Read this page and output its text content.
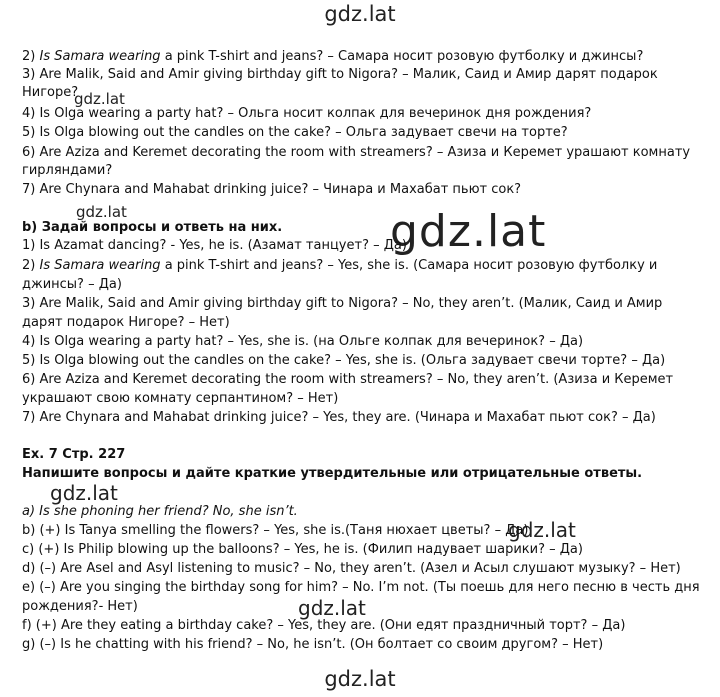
gdz.lat
gdz.lat
gdz.lat
gdz.lat
gdz.lat
gdz.lat
gdz.lat
gdz.lat
2) Is Samara wearing a pink T-shirt and jeans? – Самара носит розовую футболку и джинсы?
3) Are Malik, Said and Amir giving birthday gift to Nigora? – Малик, Саид и Амир дарят подарок
Нигоре?
4) Is Olga wearing a party hat? – Ольга носит колпак для вечеринок дня рождения?
5) Is Olga blowing out the candles on the cake? – Ольга задувает свечи на торте?
6) Are Aziza and Keremet decorating the room with streamers? – Азиза и Керемет урашают комнату
гирляндами?
7) Are Chynara and Mahabat drinking juice? – Чинара и Махабат пьют сок?
b) Задай вопросы и ответь на них.
1) Is Azamat dancing? - Yes, he is. (Азамат танцует? – Да)
2) Is Samara wearing a pink T-shirt and jeans? – Yes, she is. (Самара носит розовую футболку и
джинсы? – Да)
3) Are Malik, Said and Amir giving birthday gift to Nigora? – No, they aren’t. (Малик, Саид и Амир
дарят подарок Нигоре? – Нет)
4) Is Olga wearing a party hat? – Yes, she is. (на Ольге колпак для вечеринок? – Да)
5) Is Olga blowing out the candles on the cake? – Yes, she is. (Ольга задувает свечи торте? – Да)
6) Are Aziza and Keremet decorating the room with streamers? – No, they aren’t. (Азиза и Керемет
украшают свою комнату серпантином? – Нет)
7) Are Chynara and Mahabat drinking juice? – Yes, they are. (Чинара и Махабат пьют сок? – Да)
Ex. 7 Стр. 227
Напишите вопросы и дайте краткие утвердительные или отрицательные ответы.
a) Is she phoning her friend? No, she isn’t.
b) (+) Is Tanya smelling the flowers? – Yes, she is.(Таня нюхает цветы? – Да)
c) (+) Is Philip blowing up the balloons? – Yes, he is. (Филип надувает шарики? – Да)
d) (–) Are Asel and Asyl listening to music? – No, they aren’t. (Азел и Асыл слушают музыку? – Нет)
e) (–) Are you singing the birthday song for him? – No. I’m not. (Ты поешь для него песню в честь дня
рождения?- Нет)
f) (+) Are they eating a birthday cake? – Yes, they are. (Они едят праздничный торт? – Да)
g) (–) Is he chatting with his friend? – No, he isn’t. (Он болтает со своим другом? – Нет)
